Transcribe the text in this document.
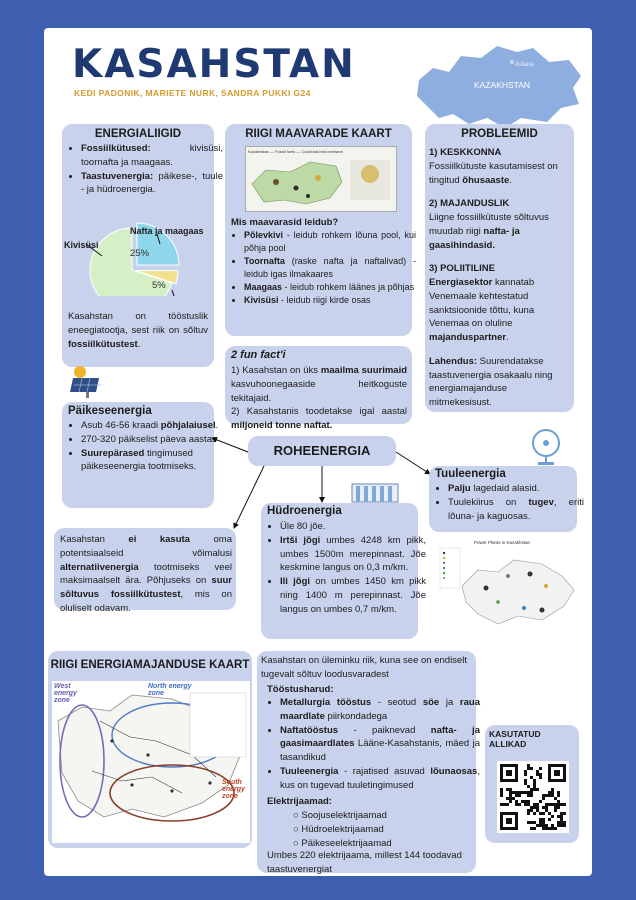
KASAHSTAN
KEDI PADONIK, MARIETE NURK, SANDRA PUKKI G24
Astana
KAZAKHSTAN
ENERGIALIIGID
• Fossiilkütused: kivisüsi, toornafta ja maagaas.
• Taastuvenergia: päikese-, tuule - ja hüdroenergia.
Kivisüsi
Nafta ja maagaas
25%
5%
Kasahstan on tööstuslik eneegiatootja, sest riik on sõltuv fossiilkütustest.
RIIGI MAAVARADE KAART
Kazakhstan — Fossil fuels — Coal/coal-bed methane
Mis maavarasid leidub?
• Põlevkivi - leidub rohkem lõuna pool, kui põhja pool
• Toornafta (raske nafta ja naftalivad) - leidub igas ilmakaares
• Maagaas - leidub rohkem lääneѕ ja põhjas
• Kivisüsi - leidub riigi kirde osas
PROBLEEMID
1) KESKKONNA
Fossiilkütuste kasutamisest on tingitud õhusaaste.
2) MAJANDUSLIK
Liigne fossiilkütuste sõltuvus muudab riigi nafta- ja gaasihindasid.
3) POLIITILINE
Energiasektor kannatab Venemaale kehtestatud sanktsioonide tõttu, kuna Venemaa on oluline majanduspartner.
Lahendus: Suurendatakse taastuvenergia osakaalu ning energiamajanduse mitmekesisust.
2 fun fact'i
1) Kasahstan on üks maailma suurimaid kasvuhoonegaaside heitkoguste tekitajaid.
2) Kasahstanis toodetakse igal aastal miljoneid tonne naftat.
Päikeseenergia
• Asub 46-56 kraadi põhjalaiusel.
• 270-320 päikselist päeva aastas
• Suurepärased tingimused päikeseenergia tootmiseks.
ROHEENERGIA
Tuuleenergia
• Palju lagedaid alasid.
• Tuulekiirus on tugev, eriti lõuna- ja kaguosas.
Hüdroenergia
• Üle 80 jõe.
• Irtši jõgi umbes 4248 km pikk, umbes 1500m merepinnast. Jõe keskmine langus on 0,3 m/km.
• Ili jõgi on umbes 1450 km pikk ning 1400 m perepinnast. Jõe langus on umbes 0,7 m/km.
Kasahstan ei kasuta oma potentsiaalseid võimalusi alternatiivenergia tootmiseks veel maksimaalselt ära. Põhjuseks on suur sõltuvus fossiilkütustest, mis on oluliselt odavam.
Power Plants in Kazakhstan
RIIGI ENERGIAMAJANDUSE KAART
West energy zone
North energy zone
South energy zone
Kasahstan on üleminku riik, kuna see on endiselt tugevalt sõltuv loodusvaradest
Tööstusharud:
• Metallurgia tööstus - seotud söe ja raua maardlate piirkondadega
• Naftatööstus - paiknevad nafta- ja gaasimaardlates Lääne-Kasahstanis, mäed ja tasandikud
• Tuuleenergia - rajatised asuvad lõunaosas, kus on tugevad tuuletingimused
Elektrijaamad:
○ Soojuselektrijaamad
○ Hüdroelektrijaamad
○ Päikeseelektrijaamad
Umbes 220 elektrijaama, millest 144 toodavad taastuvenergiat
KASUTATUD ALLIKAD
